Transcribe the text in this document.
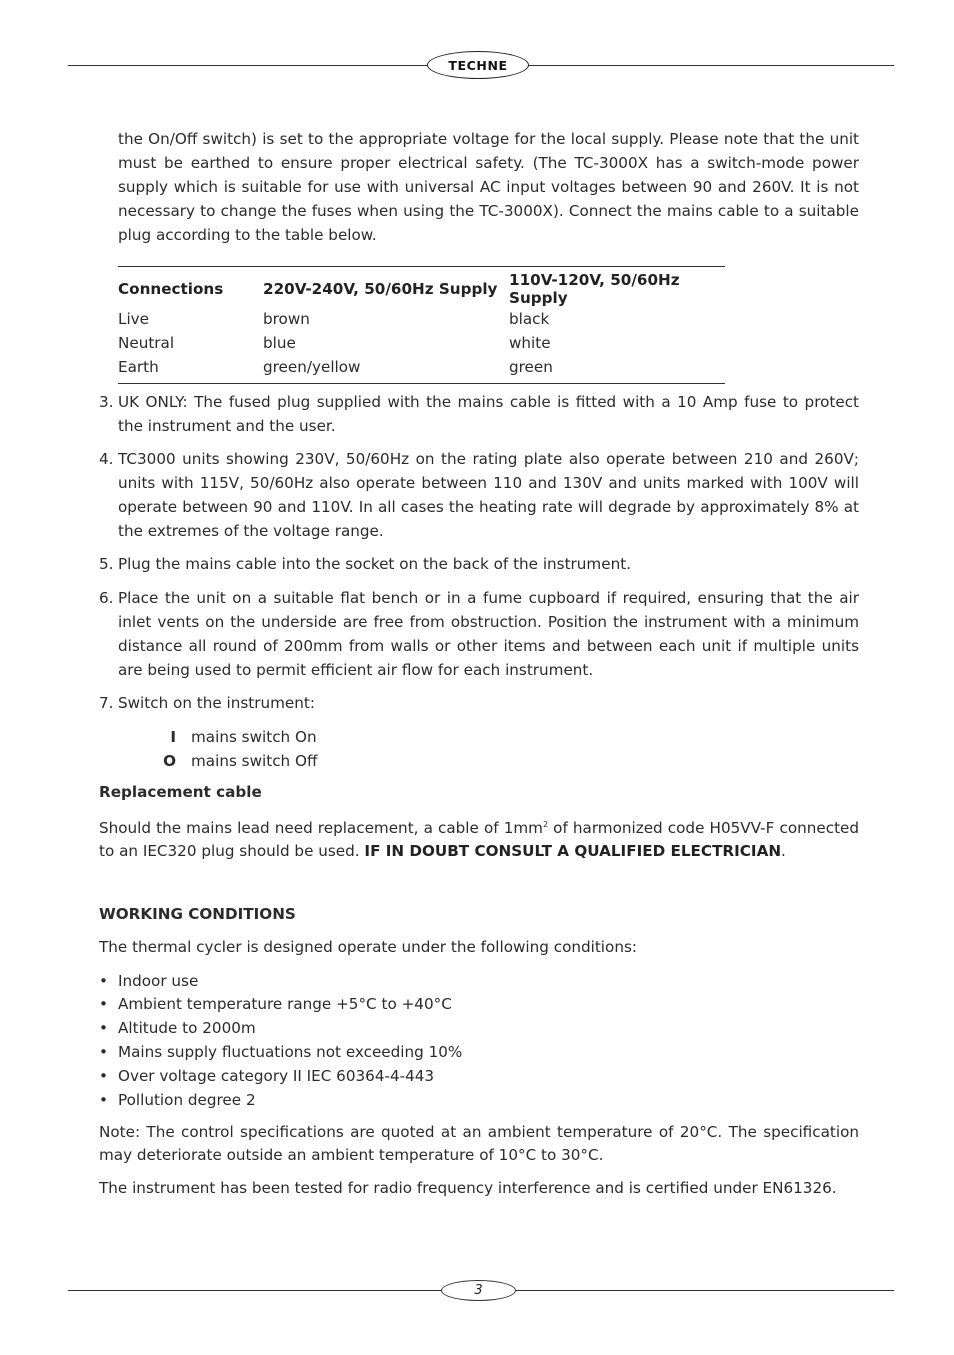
TECHNE

the On/Off switch) is set to the appropriate voltage for the local supply. Please note that the unit must be earthed to ensure proper electrical safety. (The TC-3000X has a switch-mode power supply which is suitable for use with universal AC input voltages between 90 and 260V. It is not necessary to change the fuses when using the TC-3000X). Connect the mains cable to a suitable plug according to the table below.

Connections	220V-240V, 50/60Hz Supply	110V-120V, 50/60Hz Supply
Live	brown	black
Neutral	blue	white
Earth	green/yellow	green
3. UK ONLY: The fused plug supplied with the mains cable is fitted with a 10 Amp fuse to protect the instrument and the user.

4. TC3000 units showing 230V, 50/60Hz on the rating plate also operate between 210 and 260V; units with 115V, 50/60Hz also operate between 110 and 130V and units marked with 100V will operate between 90 and 110V. In all cases the heating rate will degrade by approximately 8% at the extremes of the voltage range.

5. Plug the mains cable into the socket on the back of the instrument.

6. Place the unit on a suitable flat bench or in a fume cupboard if required, ensuring that the air inlet vents on the underside are free from obstruction. Position the instrument with a minimum distance all round of 200mm from walls or other items and between each unit if multiple units are being used to permit efficient air flow for each instrument.

7. Switch on the instrument:

I mains switch On
O mains switch Off
Replacement cable

Should the mains lead need replacement, a cable of $1mm^2$ of harmonized code H05VV-F connected to an IEC320 plug should be used. IF IN DOUBT CONSULT A QUALIFIED ELECTRICIAN.

WORKING CONDITIONS

The thermal cycler is designed operate under the following conditions:

• Indoor use
• Ambient temperature range +5°C to +40°C
• Altitude to 2000m
• Mains supply fluctuations not exceeding 10%
• Over voltage category II IEC 60364-4-443
• Pollution degree 2

Note: The control specifications are quoted at an ambient temperature of 20°C. The specification may deteriorate outside an ambient temperature of 10°C to 30°C.

The instrument has been tested for radio frequency interference and is certified under EN61326.

3
